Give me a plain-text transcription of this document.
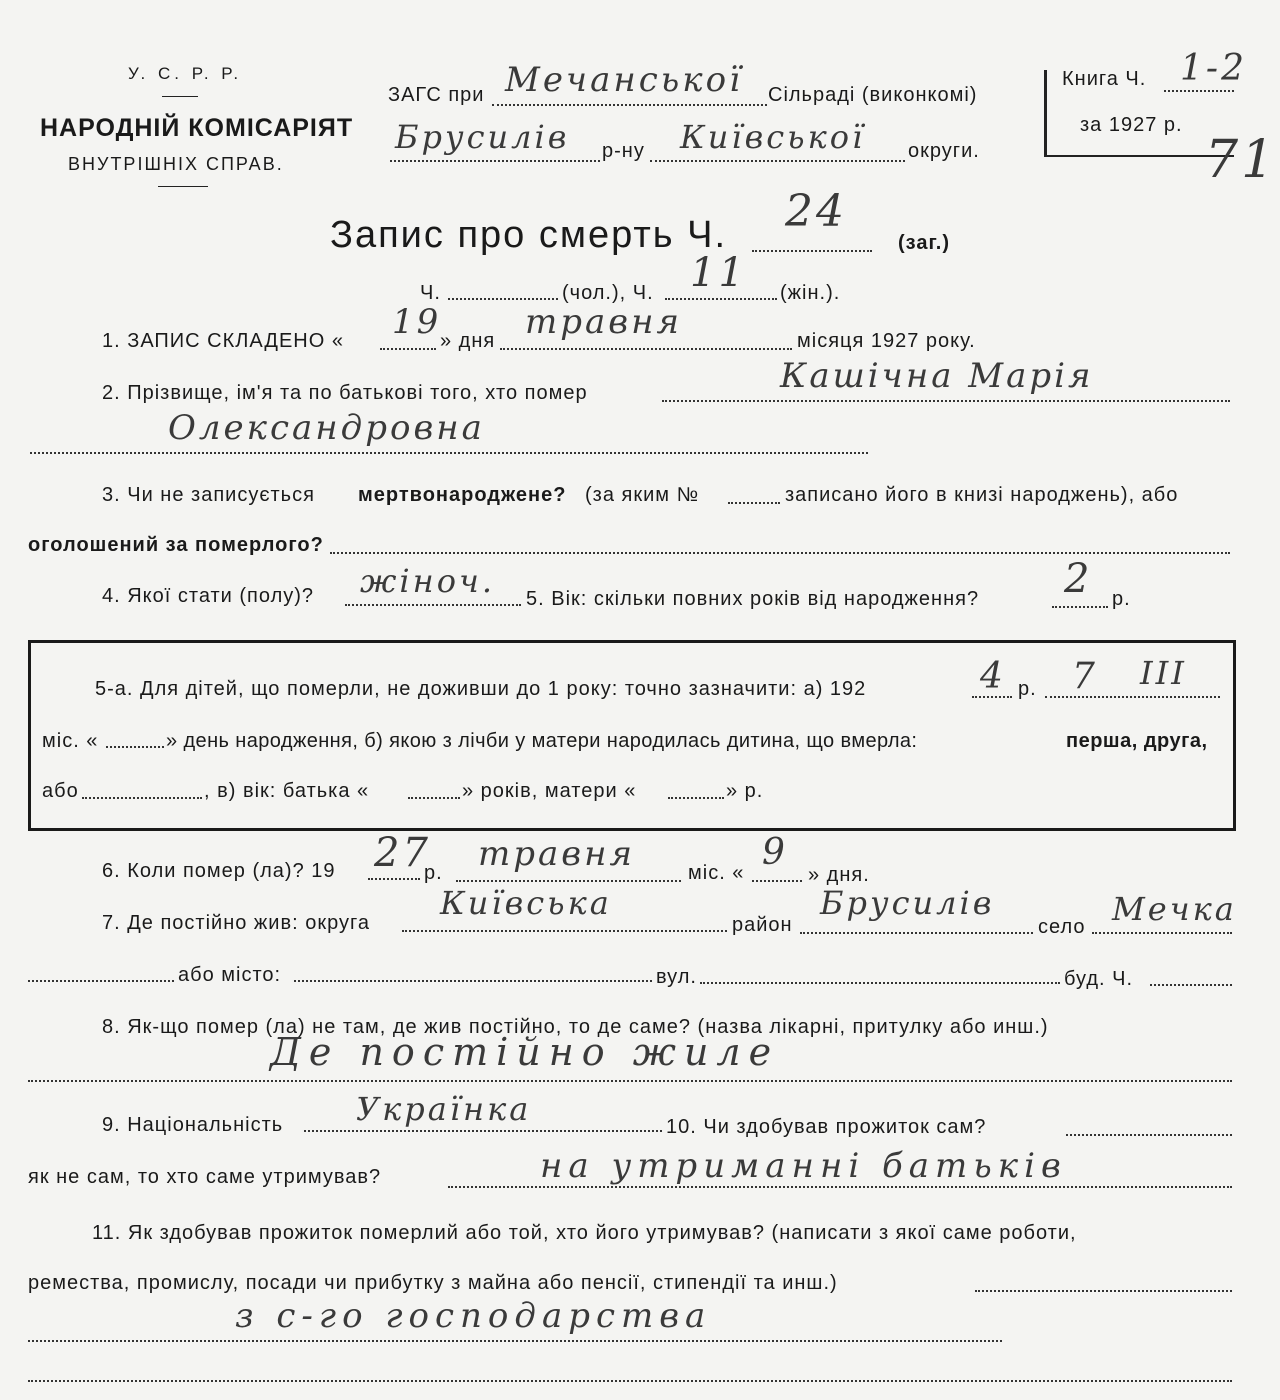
У. С. Р. Р.
НАРОДНІЙ КОМІСАРІЯТ
ВНУТРІШНІХ СПРАВ.
ЗАГС при Мечанської Сільраді (виконкомі)
Брусилів р-ну Київської округи.
Книга Ч. 1-2
за 1927 р.
71
Запис про смерть Ч. 24
(заг.)
Ч.	(чол.), Ч. 11 (жін.).
1. ЗАПИС СКЛАДЕНО « 19
» дня травня	місяця 1927 року.
2. Прізвище, ім'я та по батькові того, хто помер	Кашічна Марія
Олександровна
3. Чи не записується мертвонароджене? (за яким №	записано його в книзі народжень), або
оголошений за померлого?
4. Якої стати (полу)? жіноч. 5. Вік: скільки повних років від народження? 2 р.
5-а. Для дітей, що померли, не доживши до 1 року: точно зазначити: а) 192	4 р. 7 ІІІ
міс. «	» день народження, б) якою з лічби у матери народилась дитина, що вмерла:	перша, друга,
або	, в) вік: батька «	» років, матери «	» р.
6. Коли помер (ла)? 19 27
р. травня	міс. « 9
» дня.
7. Де постійно жив: округа
Київська
район
Брусилів
село Мечка
або місто:	вул.	буд. Ч.
8. Як-що помер (ла) не там, де жив постійно, то де саме? (назва лікарні, притулку або инш.)
Де постійно жиле
9. Національність Українка	10. Чи здобував прожиток сам?
як не сам, то хто саме утримував?	на утриманні батьків
11. Як здобував прожиток померлий або той, хто його утримував? (написати з якої саме роботи,
ремества, промислу, посади чи прибутку з майна або пенсії, стипендії та инш.)
з с-го господарства
